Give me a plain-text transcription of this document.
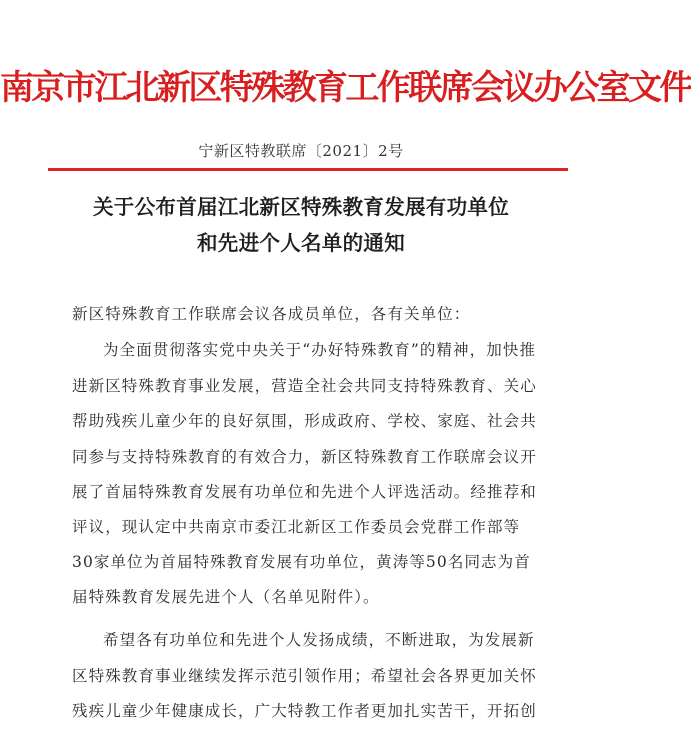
南京市江北新区特殊教育工作联席会议办公室文件
宁新区特教联席〔2021〕2号
关于公布首届江北新区特殊教育发展有功单位
和先进个人名单的通知
新区特殊教育工作联席会议各成员单位，各有关单位：
为全面贯彻落实党中央关于“办好特殊教育”的精神，加快推
进新区特殊教育事业发展，营造全社会共同支持特殊教育、关心
帮助残疾儿童少年的良好氛围，形成政府、学校、家庭、社会共
同参与支持特殊教育的有效合力，新区特殊教育工作联席会议开
展了首届特殊教育发展有功单位和先进个人评选活动。经推荐和
评议，现认定中共南京市委江北新区工作委员会党群工作部等
30家单位为首届特殊教育发展有功单位，黄涛等50名同志为首
届特殊教育发展先进个人（名单见附件）。
希望各有功单位和先进个人发扬成绩，不断进取，为发展新
区特殊教育事业继续发挥示范引领作用；希望社会各界更加关怀
残疾儿童少年健康成长，广大特教工作者更加扎实苦干，开拓创
